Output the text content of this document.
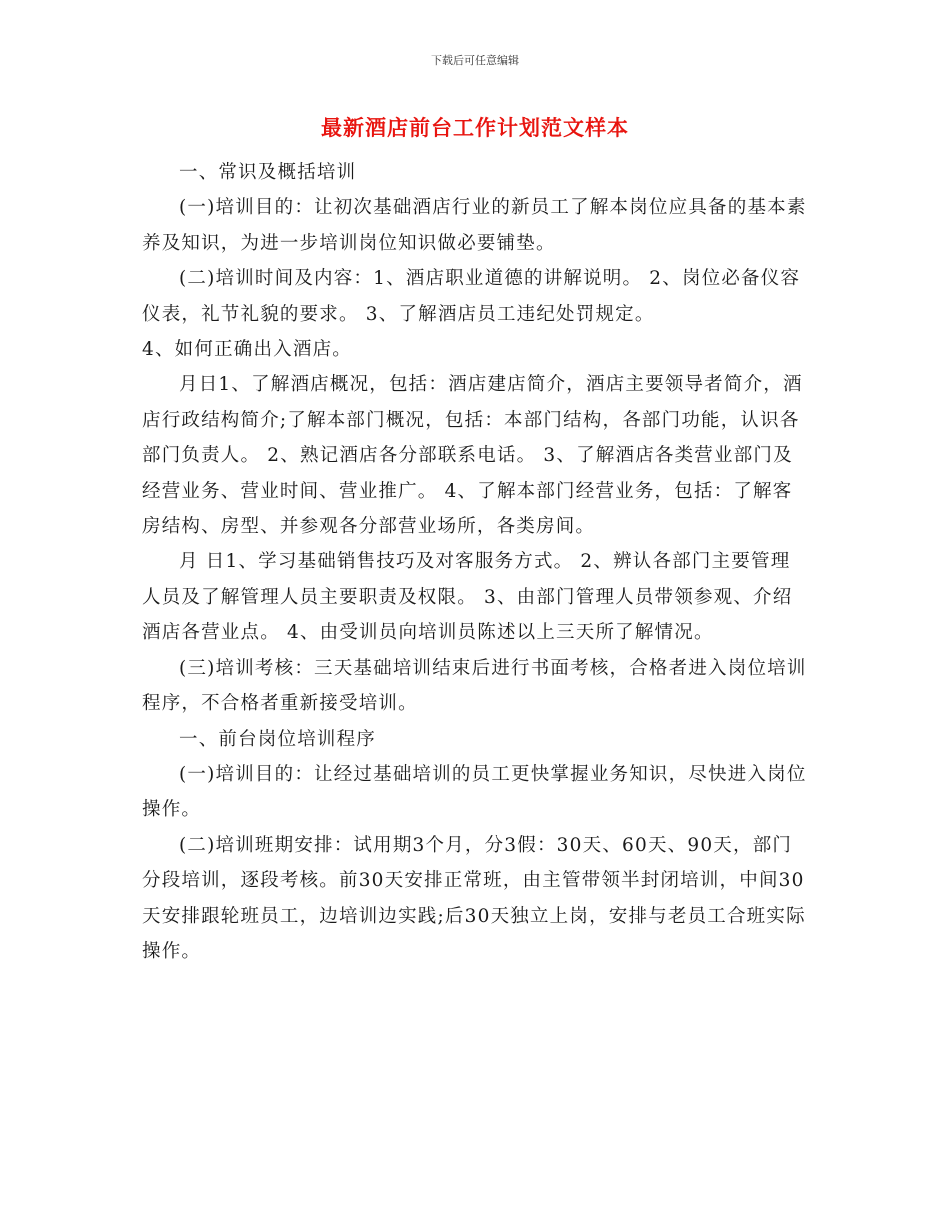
下载后可任意编辑
最新酒店前台工作计划范文样本

一、常识及概括培训

(一)培训目的：让初次基础酒店行业的新员工了解本岗位应具备的基本素养及知识，为进一步培训岗位知识做必要铺垫。

(二)培训时间及内容：1、酒店职业道德的讲解说明。 2、岗位必备仪容仪表，礼节礼貌的要求。 3、了解酒店员工违纪处罚规定。

4、如何正确出入酒店。

月日1、了解酒店概况，包括：酒店建店简介，酒店主要领导者简介，酒店行政结构简介;了解本部门概况，包括：本部门结构，各部门功能，认识各部门负责人。 2、熟记酒店各分部联系电话。 3、了解酒店各类营业部门及经营业务、营业时间、营业推广。 4、了解本部门经营业务，包括：了解客房结构、房型、并参观各分部营业场所，各类房间。

月 日1、学习基础销售技巧及对客服务方式。 2、辨认各部门主要管理人员及了解管理人员主要职责及权限。 3、由部门管理人员带领参观、介绍酒店各营业点。 4、由受训员向培训员陈述以上三天所了解情况。

(三)培训考核：三天基础培训结束后进行书面考核，合格者进入岗位培训程序，不合格者重新接受培训。

一、前台岗位培训程序

(一)培训目的：让经过基础培训的员工更快掌握业务知识，尽快进入岗位操作。

(二)培训班期安排：试用期3个月，分3假：30天、60天、90天，部门分段培训，逐段考核。前30天安排正常班，由主管带领半封闭培训，中间30天安排跟轮班员工，边培训边实践;后30天独立上岗，安排与老员工合班实际操作。
